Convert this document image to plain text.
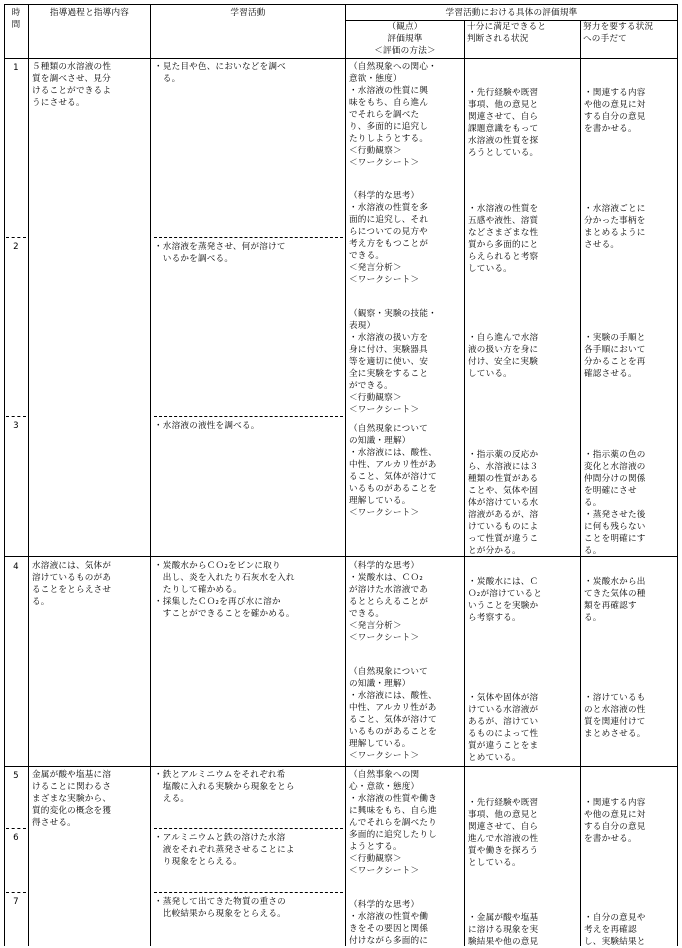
時
間
指導過程と指導内容	学習活動	学習活動における具体の評価規準
（観点）
評価規準
＜評価の方法＞
十分に満足できると
判断される状況
努力を要する状況
への手だて
1
2
3
4
5
6
7
５種類の水溶液の性
質を調べさせ、見分
けることができるよ
うにさせる。
水溶液には、気体が
溶けているものがあ
ることをとらえさせ
る。
金属が酸や塩基に溶
けることに関わるさ
まざまな実験から、
質的変化の概念を獲
得させる。
・見た目や色、においなどを調べ
　る。
・水溶液を蒸発させ、何が溶けて
　いるかを調べる。
・水溶液の液性を調べる。
・炭酸水からＣＯ₂をビンに取り
　出し、炎を入れたり石灰水を入れ
　たりして確かめる。
・採集したＣＯ₂を再び水に溶か
　すことができることを確かめる。
・鉄とアルミニウムをそれぞれ希
　塩酸に入れる実験から現象をとら
　える。
・アルミニウムと鉄の溶けた水溶
　液をそれぞれ蒸発させることによ
　り現象をとらえる。
・蒸発して出てきた物質の重さの
　比較結果から現象をとらえる。
（自然現象への関心・
意欲・態度）
・水溶液の性質に興
味をもち、自ら進ん
でそれらを調べた
り、多面的に追究し
たりしようとする。
＜行動観察＞
＜ワークシート＞
（科学的な思考）
・水溶液の性質を多
面的に追究し、それ
らについての見方や
考え方をもつことが
できる。
＜発言分析＞
＜ワークシート＞
（観察・実験の技能・
表現）
・水溶液の扱い方を
身に付け、実験器具
等を適切に使い、安
全に実験をすること
ができる。
＜行動観察＞
＜ワークシート＞
（自然現象について
の知識・理解）
・水溶液には、酸性、
中性、アルカリ性があ
ること、気体が溶けて
いるものがあることを
理解している。
＜ワークシート＞
（科学的な思考）
・炭酸水は、ＣＯ₂
が溶けた水溶液であ
るととらえることが
できる。
＜発言分析＞
＜ワークシート＞
（自然現象について
の知識・理解）
・水溶液には、酸性、
中性、アルカリ性があ
ること、気体が溶けて
いるものがあることを
理解している。
＜ワークシート＞
（自然事象への関
心・意欲・態度）
・水溶液の性質や働き
に興味をもち、自ら進
んでそれらを調べたり
多面的に追究したりし
ようとする。
＜行動観察＞
＜ワークシート＞
（科学的な思考）
・水溶液の性質や働
きをその要因と関係
付けながら多面的に
・先行経験や既習
事項、他の意見と
関連させて、自ら
課題意識をもって
水溶液の性質を探
ろうとしている。
・水溶液の性質を
五感や液性、溶質
などさまざまな性
質から多面的にと
らえられると考察
している。
・自ら進んで水溶
液の扱い方を身に
付け、安全に実験
している。
・指示薬の反応か
ら、水溶液には３
種類の性質がある
ことや、気体や固
体が溶けている水
溶液があるが、溶
けているものによ
って性質が違うこ
とが分かる。
・炭酸水には、Ｃ
Ｏ₂が溶けていると
いうことを実験か
ら考察する。
・気体や固体が溶
けている水溶液が
あるが、溶けてい
るものによって性
質が違うことをま
とめている。
・先行経験や既習
事項、他の意見と
関連させて、自ら
進んで水溶液の性
質や働きを探ろう
としている。
・金属が酸や塩基
に溶ける現象を実
験結果や他の意見
・関連する内容
や他の意見に対
する自分の意見
を書かせる。
・水溶液ごとに
分かった事柄を
まとめるように
させる。
・実験の手順と
各手順において
分かることを再
確認させる。
・指示薬の色の
変化と水溶液の
仲間分けの関係
を明確にさせ
る。
・蒸発させた後
に何も残らない
ことを明確にす
る。
・炭酸水から出
てきた気体の種
類を再確認す
る。
・溶けているも
のと水溶液の性
質を関連付けて
まとめさせる。
・関連する内容
や他の意見に対
する自分の意見
を書かせる。
・自分の意見や
考えを再確認
し、実験結果と
